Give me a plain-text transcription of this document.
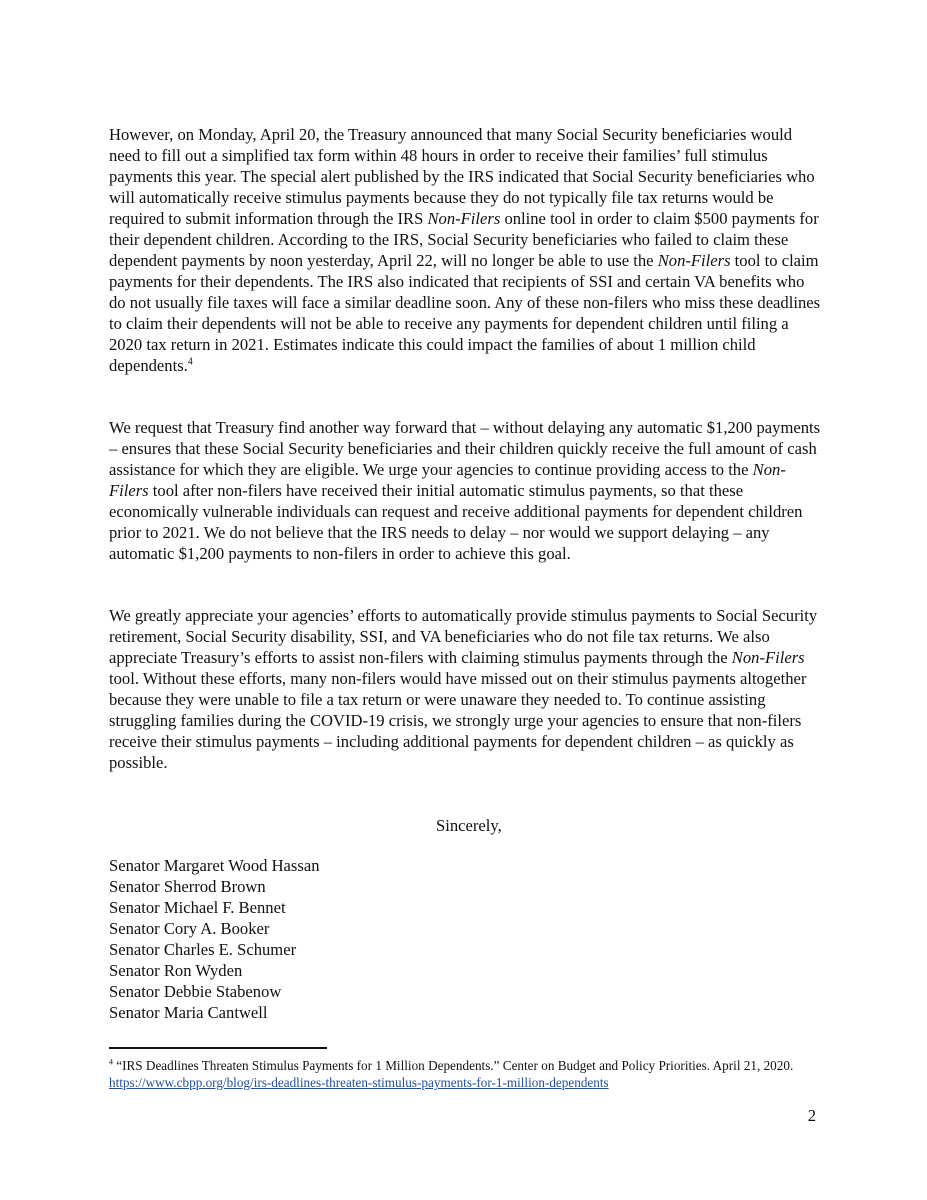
However, on Monday, April 20, the Treasury announced that many Social Security beneficiaries would need to fill out a simplified tax form within 48 hours in order to receive their families’ full stimulus payments this year. The special alert published by the IRS indicated that Social Security beneficiaries who will automatically receive stimulus payments because they do not typically file tax returns would be required to submit information through the IRS Non-Filers online tool in order to claim $500 payments for their dependent children. According to the IRS, Social Security beneficiaries who failed to claim these dependent payments by noon yesterday, April 22, will no longer be able to use the Non-Filers tool to claim payments for their dependents. The IRS also indicated that recipients of SSI and certain VA benefits who do not usually file taxes will face a similar deadline soon. Any of these non-filers who miss these deadlines to claim their dependents will not be able to receive any payments for dependent children until filing a 2020 tax return in 2021. Estimates indicate this could impact the families of about 1 million child dependents.$^4$

We request that Treasury find another way forward that – without delaying any automatic $1,200 payments – ensures that these Social Security beneficiaries and their children quickly receive the full amount of cash assistance for which they are eligible. We urge your agencies to continue providing access to the Non-Filers tool after non-filers have received their initial automatic stimulus payments, so that these economically vulnerable individuals can request and receive additional payments for dependent children prior to 2021. We do not believe that the IRS needs to delay – nor would we support delaying – any automatic $1,200 payments to non-filers in order to achieve this goal.

We greatly appreciate your agencies’ efforts to automatically provide stimulus payments to Social Security retirement, Social Security disability, SSI, and VA beneficiaries who do not file tax returns. We also appreciate Treasury’s efforts to assist non-filers with claiming stimulus payments through the Non-Filers tool. Without these efforts, many non-filers would have missed out on their stimulus payments altogether because they were unable to file a tax return or were unaware they needed to. To continue assisting struggling families during the COVID-19 crisis, we strongly urge your agencies to ensure that non-filers receive their stimulus payments – including additional payments for dependent children – as quickly as possible.

Sincerely,
Senator Margaret Wood Hassan
Senator Sherrod Brown
Senator Michael F. Bennet
Senator Cory A. Booker
Senator Charles E. Schumer
Senator Ron Wyden
Senator Debbie Stabenow
Senator Maria Cantwell

$^4$ “IRS Deadlines Threaten Stimulus Payments for 1 Million Dependents.” Center on Budget and Policy Priorities. April 21, 2020. https://www.cbpp.org/blog/irs-deadlines-threaten-stimulus-payments-for-1-million-dependents

2
